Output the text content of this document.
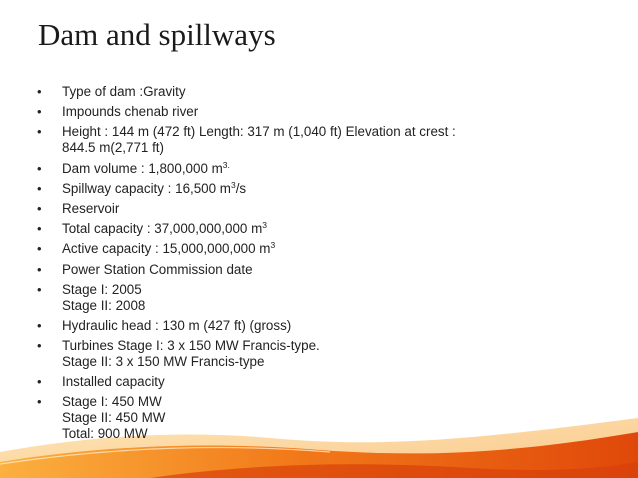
Dam and spillways
•	Type of dam :Gravity
•	Impounds chenab river
•	Height : 144 m (472 ft) Length: 317 m (1,040 ft) Elevation at crest :
844.5 m(2,771 ft)
•	Dam volume : 1,800,000 $m^{3.}$
•	Spillway capacity : 16,500 $m^3/s$
•	Reservoir
•	Total capacity : 37,000,000,000 $m^3$
•	Active capacity : 15,000,000,000 $m^3$
•	Power Station Commission date
•	Stage I: 2005
Stage II: 2008
•	Hydraulic head : 130 m (427 ft) (gross)
•	Turbines Stage I: 3 x 150 MW Francis-type.
Stage II: 3 x 150 MW Francis-type
•	Installed capacity
•	Stage I: 450 MW
Stage II: 450 MW
Total: 900 MW
